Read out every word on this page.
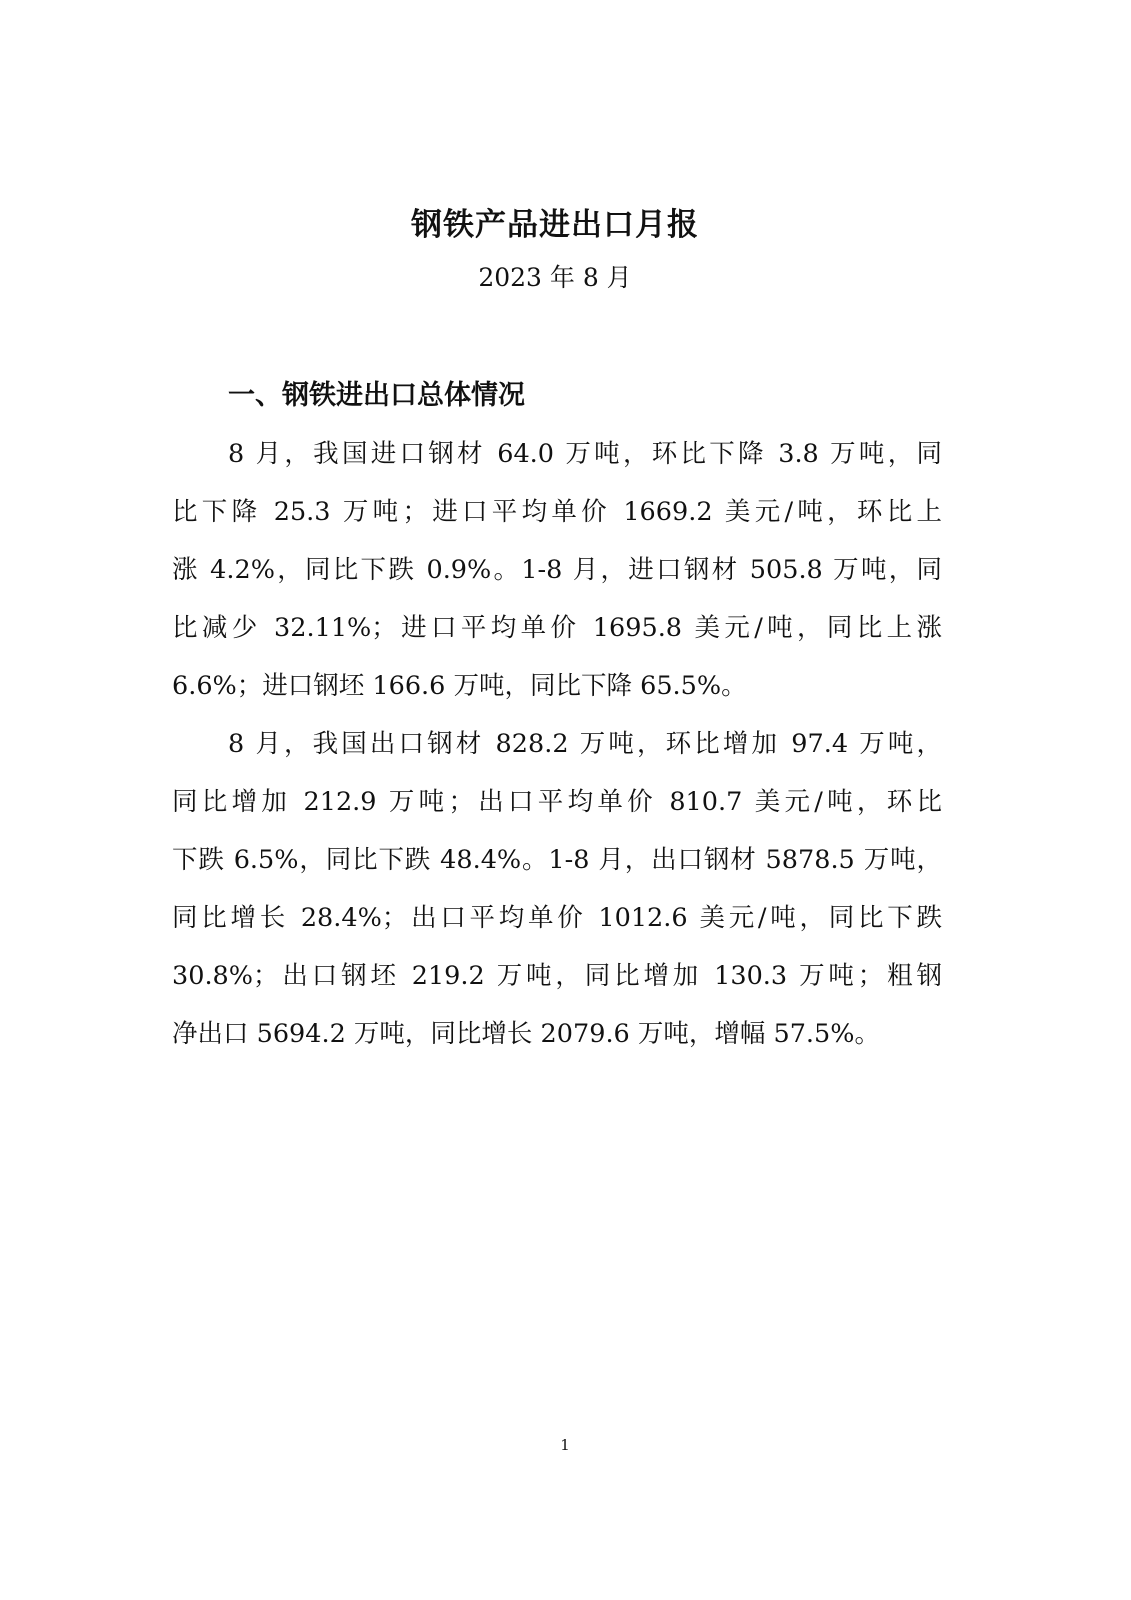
钢铁产品进出口月报
2023 年 8 月
一、钢铁进出口总体情况
8 月，我国进口钢材 64.0 万吨，环比下降 3.8 万吨，同
比下降 25.3 万吨；进口平均单价 1669.2 美元/吨，环比上
涨 4.2%，同比下跌 0.9%。1-8 月，进口钢材 505.8 万吨，同
比减少 32.11%；进口平均单价 1695.8 美元/吨，同比上涨
6.6%；进口钢坯 166.6 万吨，同比下降 65.5%。
8 月，我国出口钢材 828.2 万吨，环比增加 97.4 万吨，
同比增加 212.9 万吨；出口平均单价 810.7 美元/吨，环比
下跌 6.5%，同比下跌 48.4%。1-8 月，出口钢材 5878.5 万吨，
同比增长 28.4%；出口平均单价 1012.6 美元/吨，同比下跌
30.8%；出口钢坯 219.2 万吨，同比增加 130.3 万吨；粗钢
净出口 5694.2 万吨，同比增长 2079.6 万吨，增幅 57.5%。
1
